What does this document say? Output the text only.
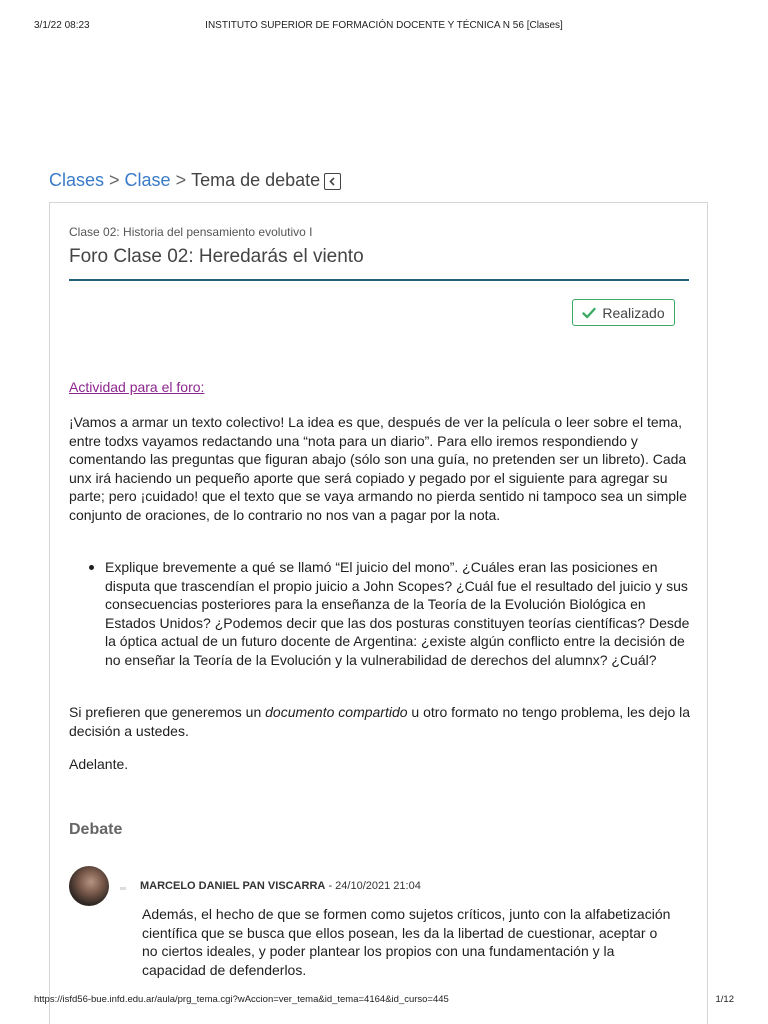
3/1/22 08:23	INSTITUTO SUPERIOR DE FORMACIÓN DOCENTE Y TÉCNICA N 56 [Clases]
Clases > Clase > Tema de debate
Clase 02: Historia del pensamiento evolutivo I
Foro Clase 02: Heredarás el viento
Realizado
Actividad para el foro:

¡Vamos a armar un texto colectivo! La idea es que, después de ver la película o leer sobre el tema, entre todxs vayamos redactando una “nota para un diario”. Para ello iremos respondiendo y comentando las preguntas que figuran abajo (sólo son una guía, no pretenden ser un libreto). Cada unx irá haciendo un pequeño aporte que será copiado y pegado por el siguiente para agregar su parte; pero ¡cuidado! que el texto que se vaya armando no pierda sentido ni tampoco sea un simple conjunto de oraciones, de lo contrario no nos van a pagar por la nota.

Explique brevemente a qué se llamó “El juicio del mono”. ¿Cuáles eran las posiciones en disputa que trascendían el propio juicio a John Scopes? ¿Cuál fue el resultado del juicio y sus consecuencias posteriores para la enseñanza de la Teoría de la Evolución Biológica en Estados Unidos? ¿Podemos decir que las dos posturas constituyen teorías científicas? Desde la óptica actual de un futuro docente de Argentina: ¿existe algún conflicto entre la decisión de no enseñar la Teoría de la Evolución y la vulnerabilidad de derechos del alumnx? ¿Cuál?

Si prefieren que generemos un documento compartido u otro formato no tengo problema, les dejo la decisión a ustedes.

Adelante.

Debate
MARCELO DANIEL PAN VISCARRA - 24/10/2021 21:04

Además, el hecho de que se formen como sujetos críticos, junto con la alfabetización científica que se busca que ellos posean, les da la libertad de cuestionar, aceptar o no ciertos ideales, y poder plantear los propios con una fundamentación y la capacidad de defenderlos.

https://isfd56-bue.infd.edu.ar/aula/prg_tema.cgi?wAccion=ver_tema&id_tema=4164&id_curso=445	1/12
